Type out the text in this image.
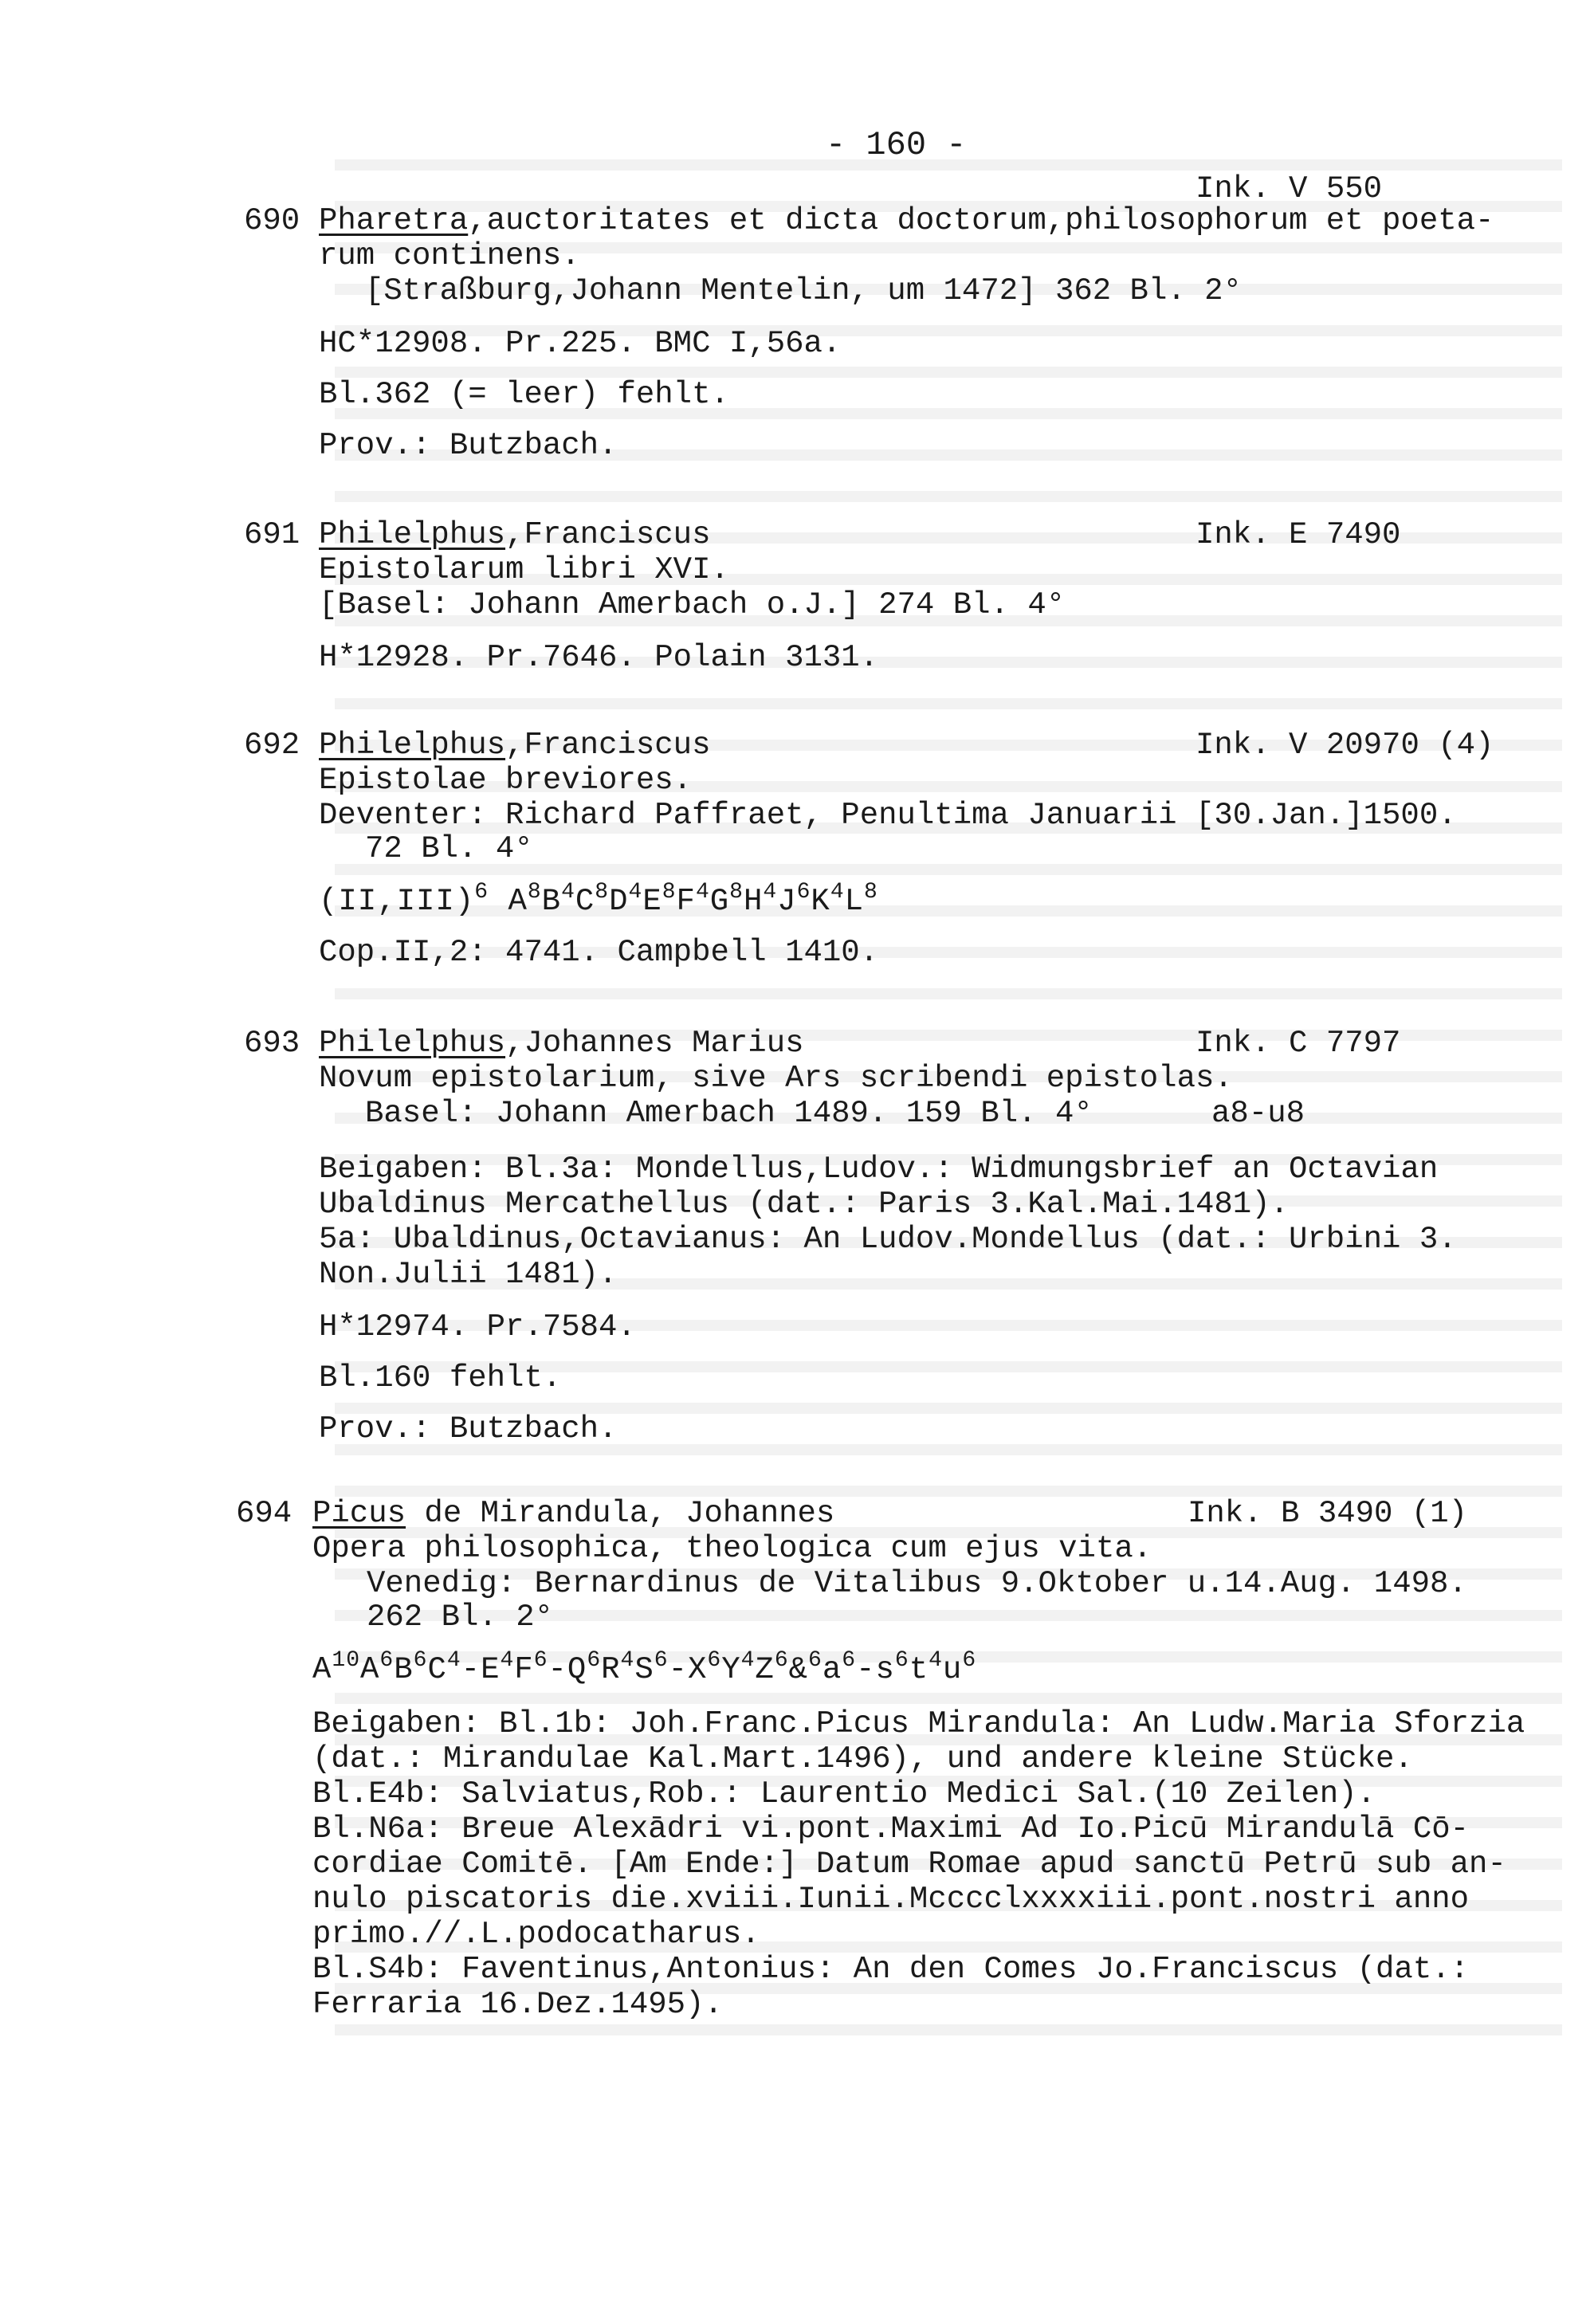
- 160 -
Ink. V 550
690 Pharetra,auctoritates et dicta doctorum,philosophorum et poeta-
rum continens.
[Straßburg,Johann Mentelin, um 1472] 362 Bl. 2°
HC*12908. Pr.225. BMC I,56a.
Bl.362 (= leer) fehlt.
Prov.: Butzbach.
691 Philelphus,Franciscus	Ink. E 7490
Epistolarum libri XVI.
[Basel: Johann Amerbach o.J.] 274 Bl. 4°
H*12928. Pr.7646. Polain 3131.
692 Philelphus,Franciscus	Ink. V 20970 (4)
Epistolae breviores.
Deventer: Richard Paffraet, Penultima Januarii [30.Jan.]1500.
72 Bl. 4°
$(II,III)^6$ $A^8B^4C^8D^4E^8F^4G^8H^4J^6K^4L^8$
Cop.II,2: 4741. Campbell 1410.
693 Philelphus,Johannes Marius	Ink. C 7797
Novum epistolarium, sive Ars scribendi epistolas.
Basel: Johann Amerbach 1489. 159 Bl. 4°	a8-u8
Beigaben: Bl.3a: Mondellus,Ludov.: Widmungsbrief an Octavian
Ubaldinus Mercathellus (dat.: Paris 3.Kal.Mai.1481).
5a: Ubaldinus,Octavianus: An Ludov.Mondellus (dat.: Urbini 3.
Non.Julii 1481).
H*12974. Pr.7584.
Bl.160 fehlt.
Prov.: Butzbach.
694 Picus de Mirandula, Johannes	Ink. B 3490 (1)
Opera philosophica, theologica cum ejus vita.
Venedig: Bernardinus de Vitalibus 9.Oktober u.14.Aug. 1498.
262 Bl. 2°
$A^{10}A^6B^6C^4-E^4F^6-Q^6R^4S^6-X^6Y^4Z^6\&^6a^6-s^6t^4u^6$
Beigaben: Bl.1b: Joh.Franc.Picus Mirandula: An Ludw.Maria Sforzia
(dat.: Mirandulae Kal.Mart.1496), und andere kleine Stücke.
Bl.E4b: Salviatus,Rob.: Laurentio Medici Sal.(10 Zeilen).
Bl.N6a: Breue Alexādri vi.pont.Maximi Ad Io.Picū Mirandulā Cō-
cordiae Comitē. [Am Ende:] Datum Romae apud sanctū Petrū sub an-
nulo piscatoris die.xviii.Iunii.Mcccclxxxxiii.pont.nostri anno
primo.//.L.podocatharus.
Bl.S4b: Faventinus,Antonius: An den Comes Jo.Franciscus (dat.:
Ferraria 16.Dez.1495).
